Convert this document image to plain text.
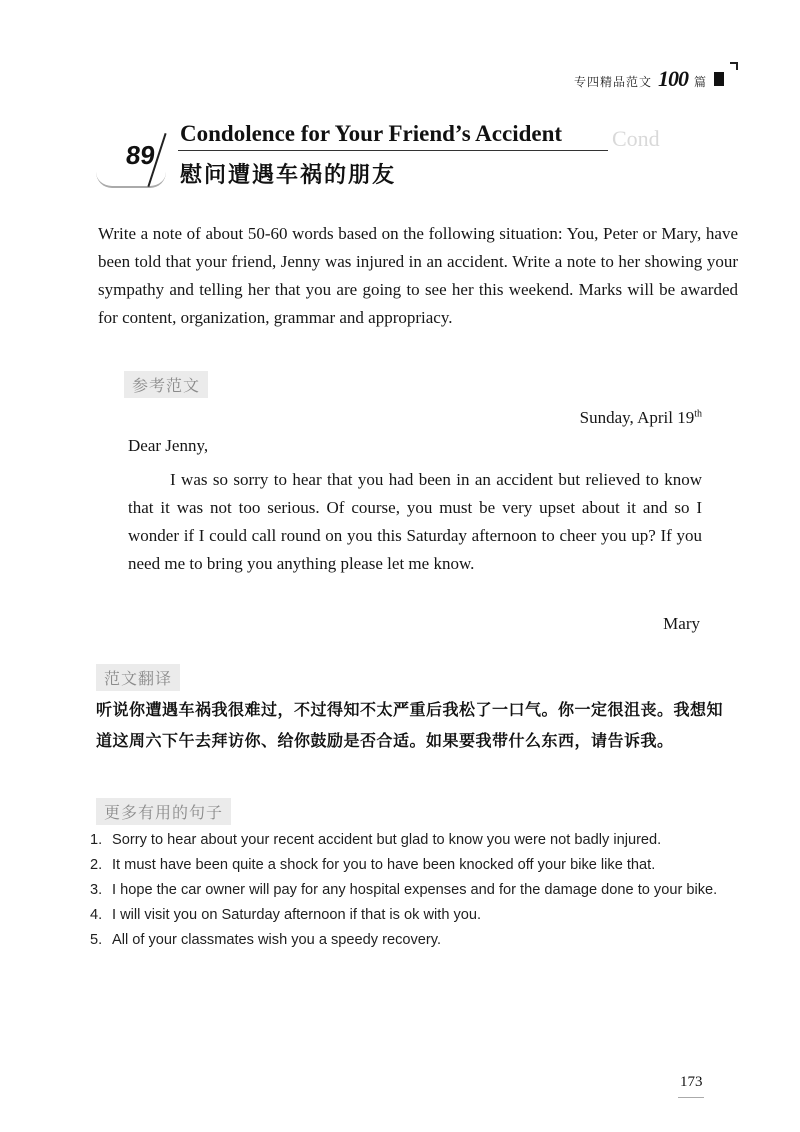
专四精品范文 100 篇
Cond
89
Condolence for Your Friend’s Accident
慰问遭遇车祸的朋友

Write a note of about 50-60 words based on the following situation: You, Peter or Mary, have been told that your friend, Jenny was injured in an accident. Write a note to her showing your sympathy and telling her that you are going to see her this weekend. Marks will be awarded for content, organization, grammar and appropriacy.

参考范文
Sunday, April 19th
Dear Jenny,

I was so sorry to hear that you had been in an accident but relieved to know that it was not too serious. Of course, you must be very upset about it and so I wonder if I could call round on you this Saturday afternoon to cheer you up? If you need me to bring you anything please let me know.

Mary
范文翻译

听说你遭遇车祸我很难过，不过得知不太严重后我松了一口气。你一定很沮丧。我想知道这周六下午去拜访你、给你鼓励是否合适。如果要我带什么东西，请告诉我。

更多有用的句子
1. Sorry to hear about your recent accident but glad to know you were not badly injured.
2. It must have been quite a shock for you to have been knocked off your bike like that.
3. I hope the car owner will pay for any hospital expenses and for the damage done to your bike.
4. I will visit you on Saturday afternoon if that is ok with you.
5. All of your classmates wish you a speedy recovery.
173
